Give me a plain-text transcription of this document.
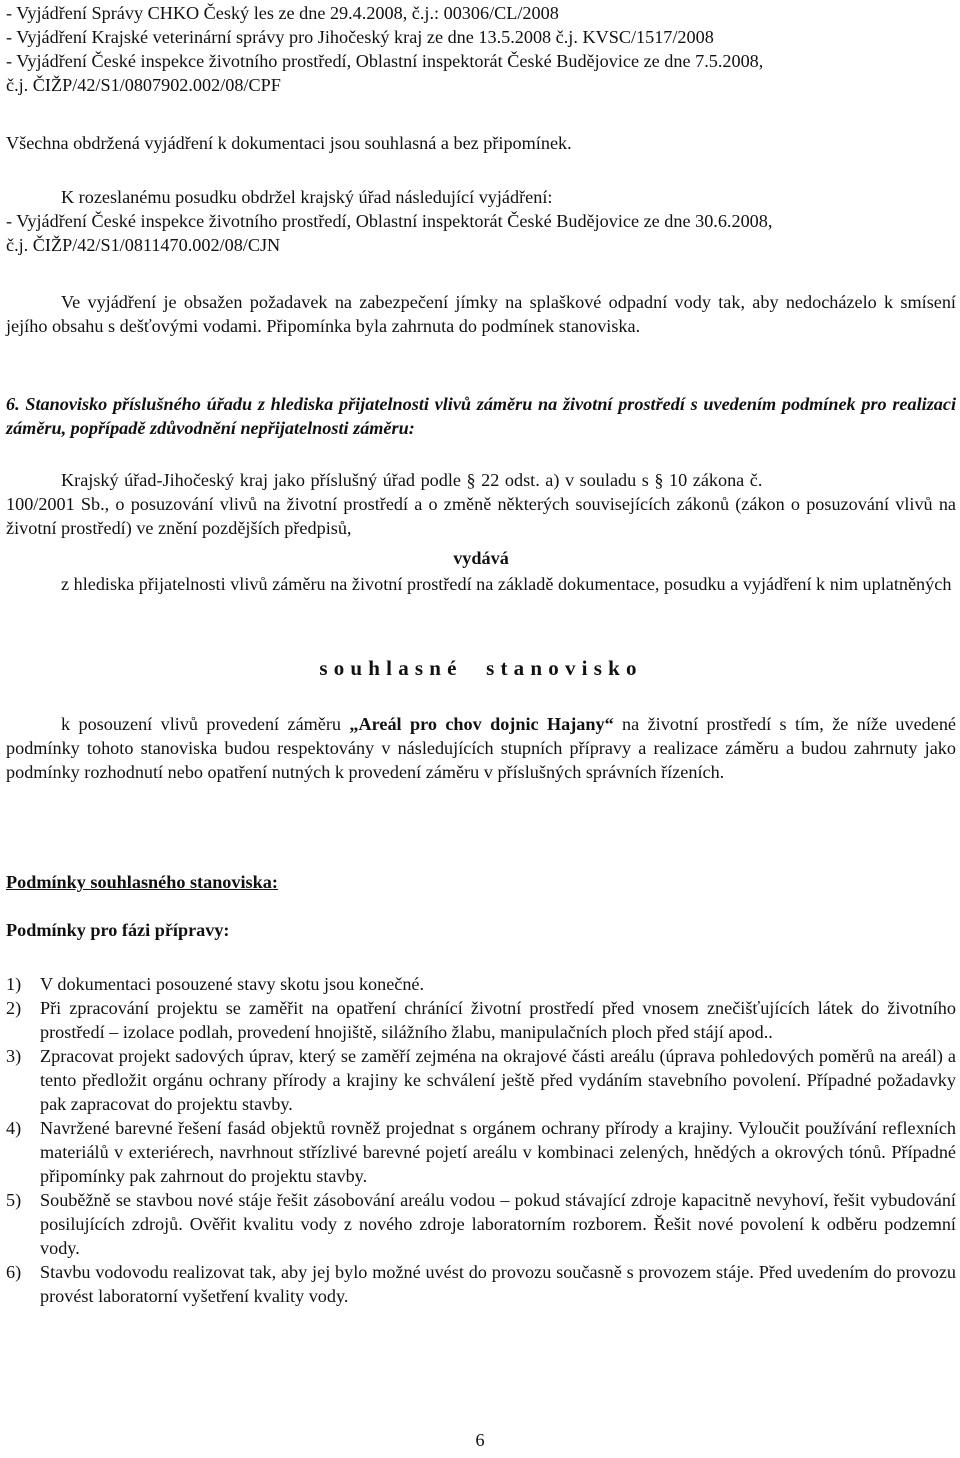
- Vyjádření Správy CHKO Český les ze dne 29.4.2008, č.j.: 00306/CL/2008

- Vyjádření Krajské veterinární správy pro Jihočeský kraj ze dne 13.5.2008 č.j. KVSC/1517/2008

- Vyjádření České inspekce životního prostředí, Oblastní inspektorát České Budějovice ze dne 7.5.2008,

č.j. ČIŽP/42/S1/0807902.002/08/CPF

Všechna obdržená vyjádření k dokumentaci jsou souhlasná a bez připomínek.

K rozeslanému posudku obdržel krajský úřad následující vyjádření:

- Vyjádření České inspekce životního prostředí, Oblastní inspektorát České Budějovice ze dne 30.6.2008,

č.j. ČIŽP/42/S1/0811470.002/08/CJN

Ve vyjádření je obsažen požadavek na zabezpečení jímky na splaškové odpadní vody tak, aby nedocházelo k smísení jejího obsahu s dešťovými vodami. Připomínka byla zahrnuta do podmínek stanoviska.

6. Stanovisko příslušného úřadu z hlediska přijatelnosti vlivů záměru na životní prostředí s uvedením podmínek pro realizaci záměru, popřípadě zdůvodnění nepřijatelnosti záměru:

Krajský úřad-Jihočeský kraj jako příslušný úřad podle § 22 odst. a) v souladu s § 10 zákona č.

100/2001 Sb., o posuzování vlivů na životní prostředí a o změně některých souvisejících zákonů (zákon o posuzování vlivů na životní prostředí) ve znění pozdějších předpisů,

vydává

z hlediska přijatelnosti vlivů záměru na životní prostředí na základě dokumentace, posudku a vyjádření k nim uplatněných

souhlasné stanovisko

k posouzení vlivů provedení záměru „Areál pro chov dojnic Hajany“ na životní prostředí s tím, že níže uvedené podmínky tohoto stanoviska budou respektovány v následujících stupních přípravy a realizace záměru a budou zahrnuty jako podmínky rozhodnutí nebo opatření nutných k provedení záměru v příslušných správních řízeních.

Podmínky souhlasného stanoviska:

Podmínky pro fázi přípravy:

1) V dokumentaci posouzené stavy skotu jsou konečné.
2) Při zpracování projektu se zaměřit na opatření chránící životní prostředí před vnosem znečišťujících látek do životního prostředí – izolace podlah, provedení hnojiště, silážního žlabu, manipulačních ploch před stájí apod..
3) Zpracovat projekt sadových úprav, který se zaměří zejména na okrajové části areálu (úprava pohledových poměrů na areál) a tento předložit orgánu ochrany přírody a krajiny ke schválení ještě před vydáním stavebního povolení. Případné požadavky pak zapracovat do projektu stavby.
4) Navržené barevné řešení fasád objektů rovněž projednat s orgánem ochrany přírody a krajiny. Vyloučit používání reflexních materiálů v exteriérech, navrhnout střízlivé barevné pojetí areálu v kombinaci zelených, hnědých a okrových tónů. Případné připomínky pak zahrnout do projektu stavby.
5) Souběžně se stavbou nové stáje řešit zásobování areálu vodou – pokud stávající zdroje kapacitně nevyhoví, řešit vybudování posilujících zdrojů. Ověřit kvalitu vody z nového zdroje laboratorním rozborem. Řešit nové povolení k odběru podzemní vody.
6) Stavbu vodovodu realizovat tak, aby jej bylo možné uvést do provozu současně s provozem stáje. Před uvedením do provozu provést laboratorní vyšetření kvality vody.

6
